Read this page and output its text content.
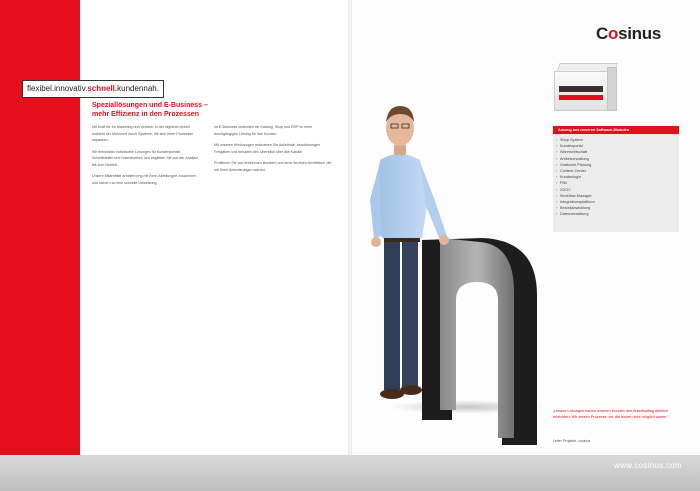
flexibel.innovativ.schnell.kundennah.
Speziallösungen und E-Business – mehr Effizienz in den Prozessen

Mit Kraft für Ihr Marketing und Vertrieb. In der täglichen Arbeit entsteht der Mehrwert durch Systeme, die sich Ihren Prozessen anpassen.

Wir entwickeln individuelle Lösungen für Kundenportale, Schnittstellen und Datenbanken und begleiten Sie von der Analyse bis zum Betrieb.

Unsere Mitarbeiter arbeiten eng mit Ihren Abteilungen zusammen und sichern so eine schnelle Umsetzung.

Im E-Business verbinden wir Katalog, Shop und ERP zu einer durchgängigen Lösung für Ihre Kunden.

Mit unseren Werkzeugen reduzieren Sie Aufwände, beschleunigen Freigaben und behalten den Überblick über alle Kanäle.

Profitieren Sie von erfahrenen Beratern und einer flexiblen Architektur, die mit Ihren Anforderungen wächst.

Cosinus
Auszug aus unseren Software-Modulen
› Shop-System
› Kundenportal
› Warenwirtschaft
› Artikelverwaltung
› Grafische Planung
› Content-Center
› Kundenlogin
› PIM
› XDOC
› Workflow-Manager
› Integrationsplattform
› Bestellabwicklung
› Datenverwaltung
„Unsere Lösungen haben unseren Kunden den Arbeitsalltag deutlich erleichtert. Wir setzen Prozesse um, die bisher nicht möglich waren.“
Leiter Projekte, cosinus
www.cosinus.com
